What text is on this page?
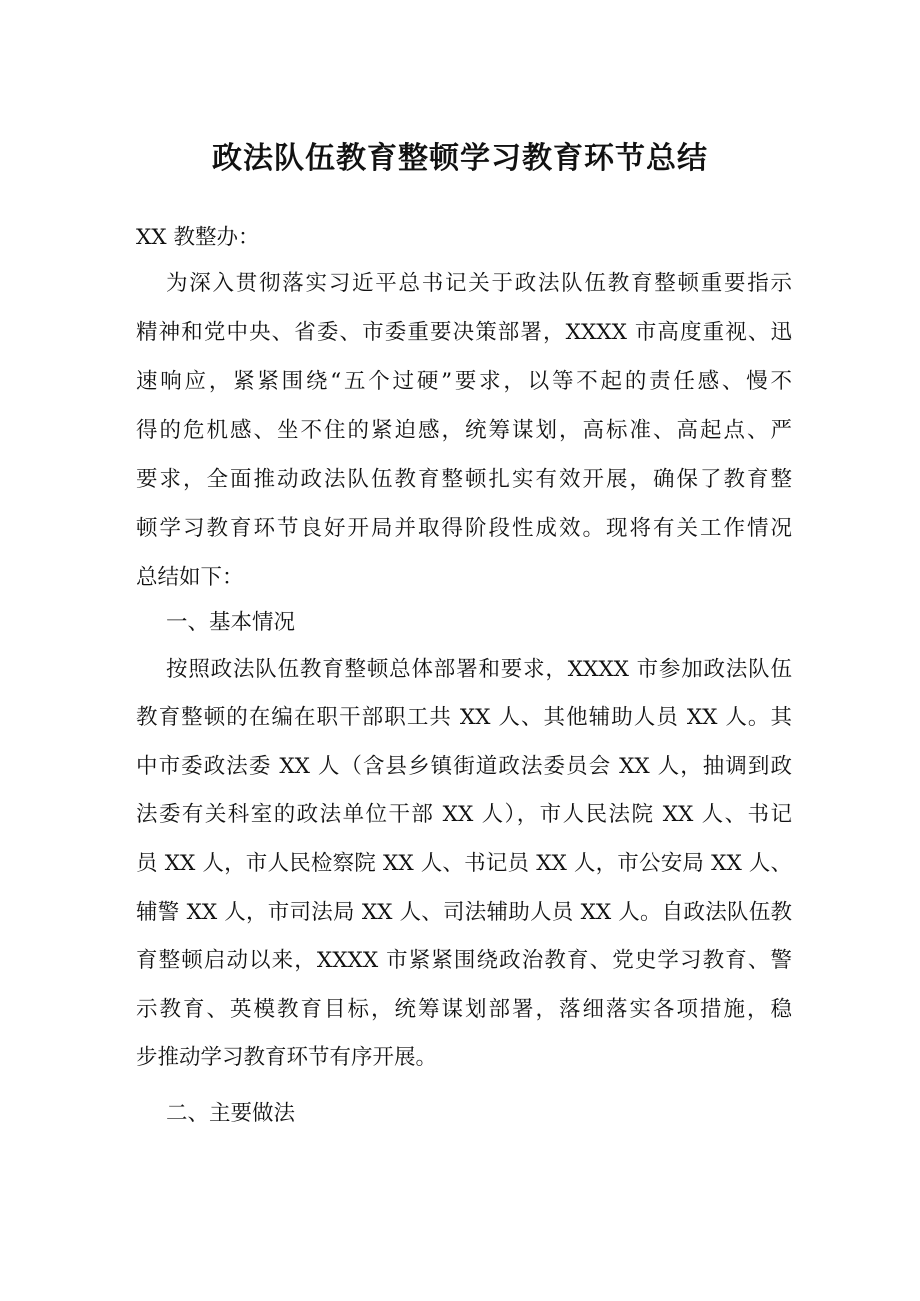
政法队伍教育整顿学习教育环节总结
XX 教整办：
为深入贯彻落实习近平总书记关于政法队伍教育整顿重要指示
精神和党中央、省委、市委重要决策部署，XXXX 市高度重视、迅
速响应，紧紧围绕“五个过硬”要求，以等不起的责任感、慢不
得的危机感、坐不住的紧迫感，统筹谋划，高标准、高起点、严
要求，全面推动政法队伍教育整顿扎实有效开展，确保了教育整
顿学习教育环节良好开局并取得阶段性成效。现将有关工作情况
总结如下：
一、基本情况
按照政法队伍教育整顿总体部署和要求，XXXX 市参加政法队伍
教育整顿的在编在职干部职工共 XX 人、其他辅助人员 XX 人。其
中市委政法委 XX 人（含县乡镇街道政法委员会 XX 人，抽调到政
法委有关科室的政法单位干部 XX 人），市人民法院 XX 人、书记
员 XX 人，市人民检察院 XX 人、书记员 XX 人，市公安局 XX 人、
辅警 XX 人，市司法局 XX 人、司法辅助人员 XX 人。自政法队伍教
育整顿启动以来，XXXX 市紧紧围绕政治教育、党史学习教育、警
示教育、英模教育目标，统筹谋划部署，落细落实各项措施，稳
步推动学习教育环节有序开展。
二、主要做法
